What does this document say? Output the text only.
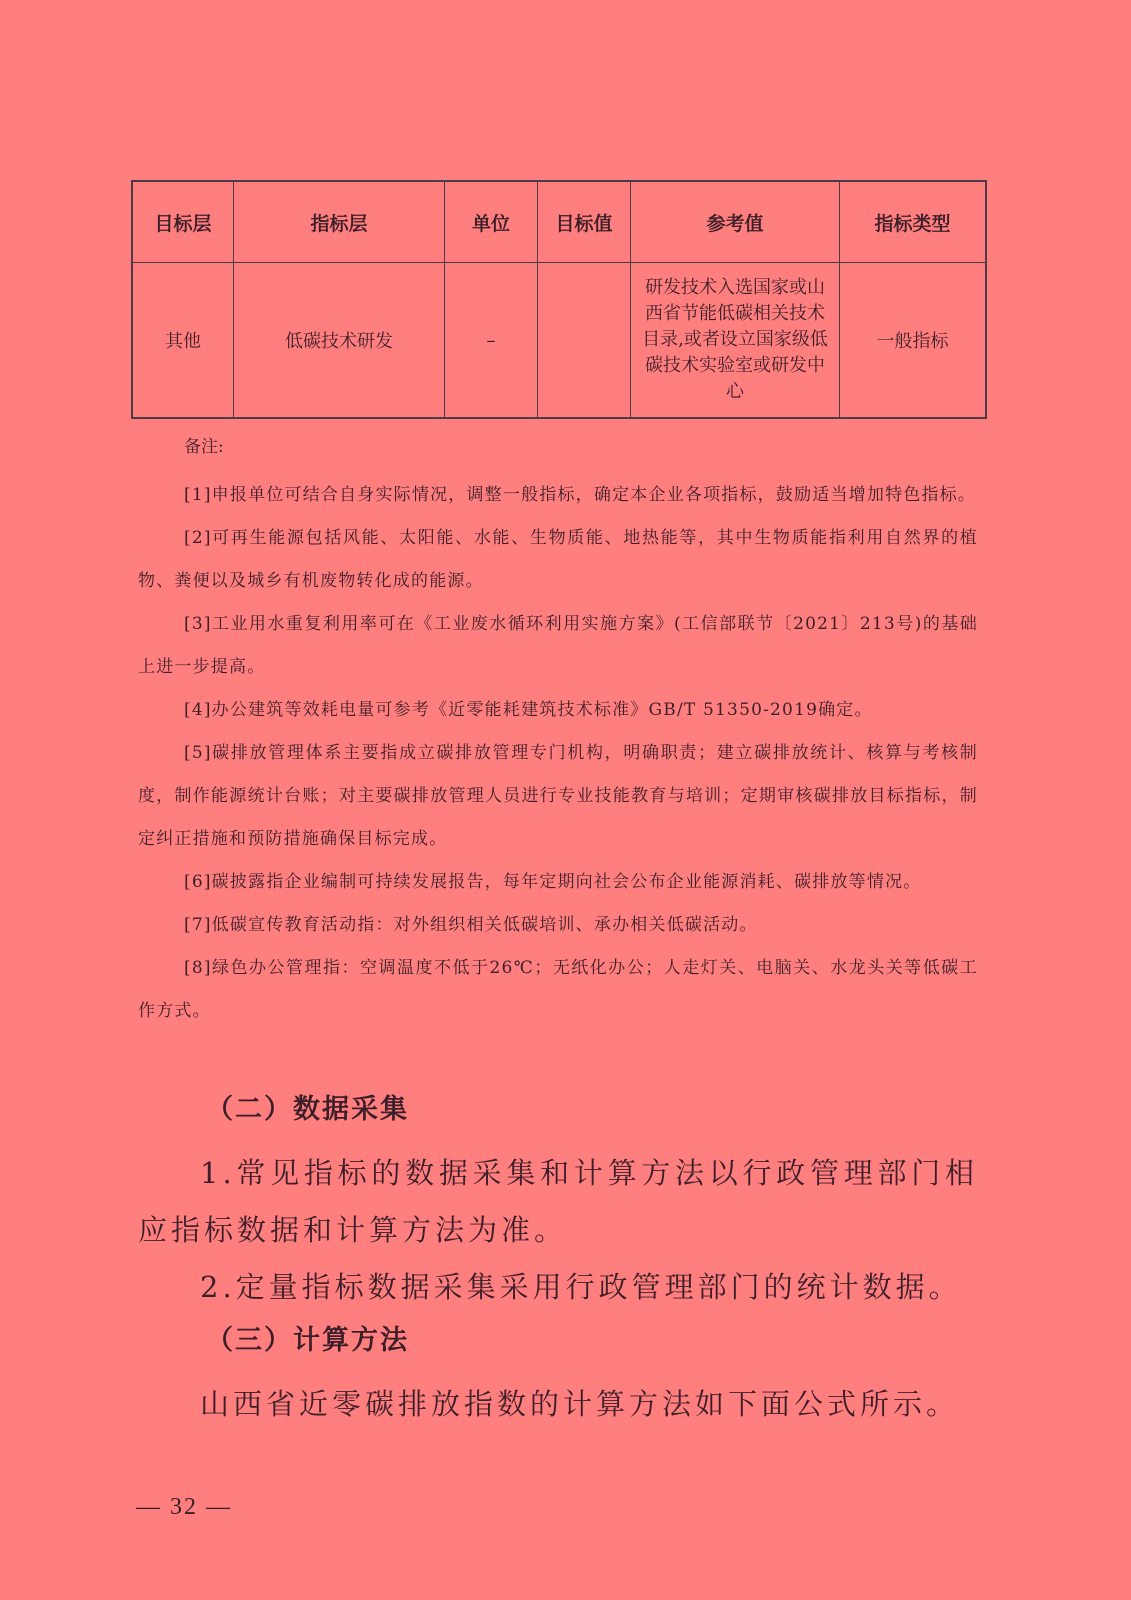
目标层	指标层	单位	目标值	参考值	指标类型
其他	低碳技术研发	–		研发技术入选国家或山西省节能低碳相关技术目录,或者设立国家级低碳技术实验室或研发中心	一般指标
备注:

[1]申报单位可结合自身实际情况，调整一般指标，确定本企业各项指标，鼓励适当增加特色指标。

[2]可再生能源包括风能、太阳能、水能、生物质能、地热能等，其中生物质能指利用自然界的植物、粪便以及城乡有机废物转化成的能源。

[3]工业用水重复利用率可在《工业废水循环利用实施方案》(工信部联节〔2021〕213号)的基础上进一步提高。

[4]办公建筑等效耗电量可参考《近零能耗建筑技术标准》GB/T 51350-2019确定。

[5]碳排放管理体系主要指成立碳排放管理专门机构，明确职责；建立碳排放统计、核算与考核制度，制作能源统计台账；对主要碳排放管理人员进行专业技能教育与培训；定期审核碳排放目标指标，制定纠正措施和预防措施确保目标完成。

[6]碳披露指企业编制可持续发展报告，每年定期向社会公布企业能源消耗、碳排放等情况。

[7]低碳宣传教育活动指：对外组织相关低碳培训、承办相关低碳活动。

[8]绿色办公管理指：空调温度不低于26℃；无纸化办公；人走灯关、电脑关、水龙头关等低碳工作方式。

（二）数据采集

1.常见指标的数据采集和计算方法以行政管理部门相应指标数据和计算方法为准。

2.定量指标数据采集采用行政管理部门的统计数据。

（三）计算方法

山西省近零碳排放指数的计算方法如下面公式所示。

— 32 —
